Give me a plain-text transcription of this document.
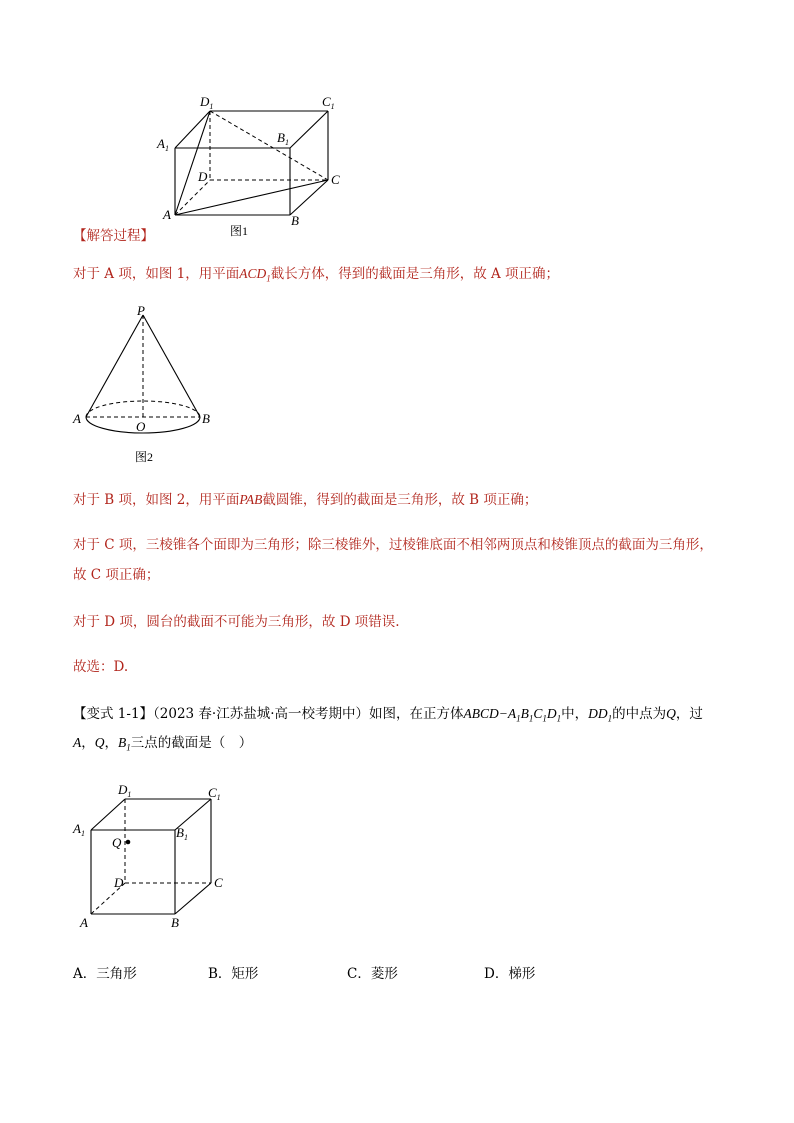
$D_1$	$C_1$
$A_1$
$B_1$
D	C
A	B
图1
【解答过程】
对于 A 项，如图 1，用平面$ACD_1$截长方体，得到的截面是三角形，故 A 项正确；
P
A
O
B
图2
对于 B 项，如图 2，用平面PAB截圆锥，得到的截面是三角形，故 B 项正确；
对于 C 项，三棱锥各个面即为三角形；除三棱锥外，过棱锥底面不相邻两顶点和棱锥顶点的截面为三角形，
故 C 项正确；
对于 D 项，圆台的截面不可能为三角形，故 D 项错误.
故选：D.
【变式 1-1】（2023 春·江苏盐城·高一校考期中）如图，在正方体$ABCD-A_1B_1C_1D_1$中，$DD_1$的中点为Q，过
A，Q，$B_1$三点的截面是（　）
$D_1$	$C_1$
$A_1$	$B_1$
Q
D	C
A	B
A．三角形	B．矩形	C．菱形	D．梯形
